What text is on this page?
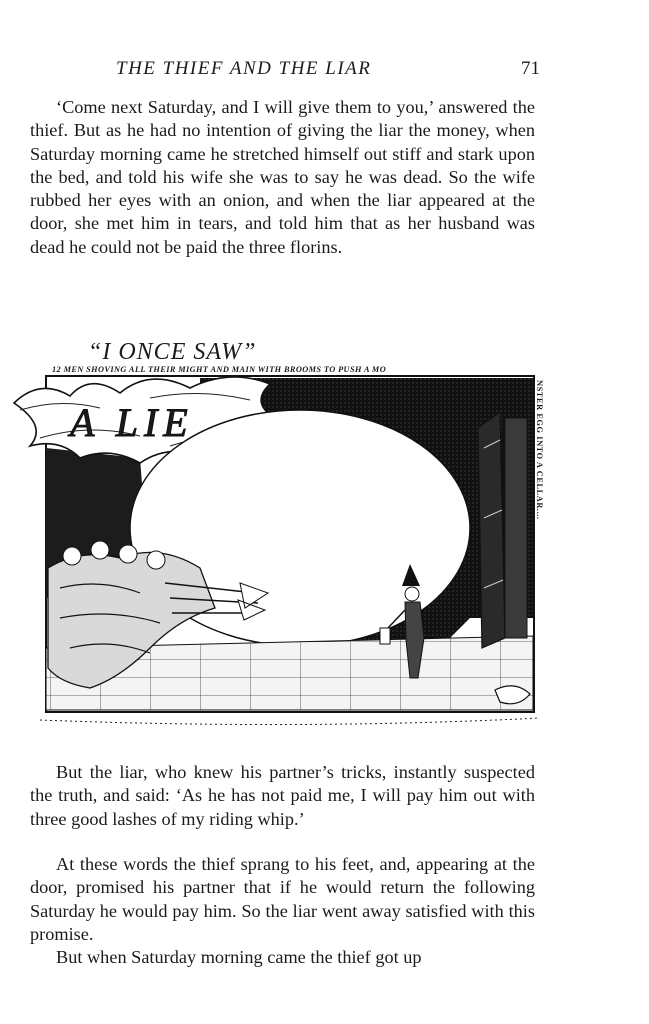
THE THIEF AND THE LIAR	71

‘Come next Saturday, and I will give them to you,’ answered the thief. But as he had no intention of giving the liar the money, when Saturday morning came he stretched himself out stiff and stark upon the bed, and told his wife she was to say he was dead. So the wife rubbed her eyes with an onion, and when the liar appeared at the door, she met him in tears, and told him that as her husband was dead he could not be paid the three florins.

“I ONCE SAW”
12 MEN SHOVING ALL THEIR MIGHT AND MAIN WITH BROOMS TO PUSH A MO
NSTER EGG INTO A CELLAR....
A LIE

But the liar, who knew his partner’s tricks, instantly suspected the truth, and said: ‘As he has not paid me, I will pay him out with three good lashes of my riding whip.’

At these words the thief sprang to his feet, and, appearing at the door, promised his partner that if he would return the following Saturday he would pay him. So the liar went away satisfied with this promise.

But when Saturday morning came the thief got up
